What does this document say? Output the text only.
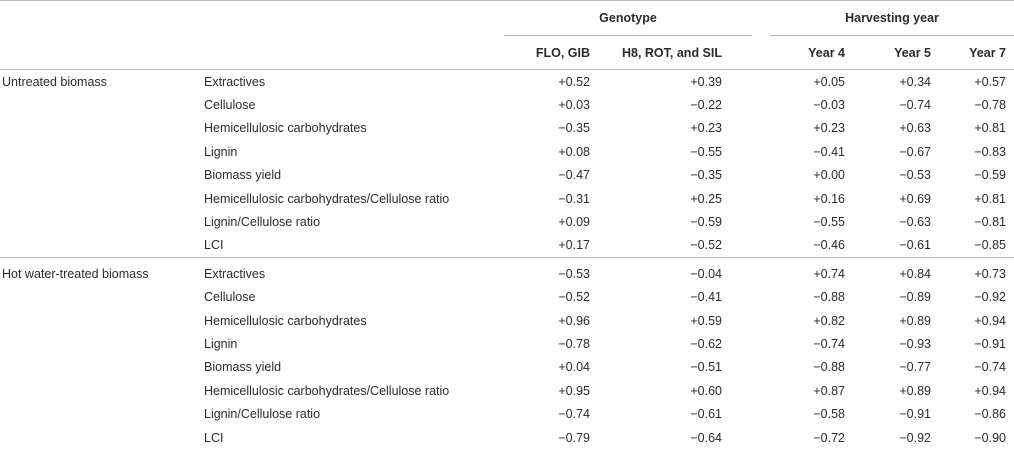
		Genotype			Harvesting year		
		FLO, GIB	H8, ROT, and SIL		Year 4	Year 5	Year 7

Untreated biomass	Extractives	+0.52	+0.39		+0.05	+0.34	+0.57
	Cellulose	+0.03	−0.22		−0.03	−0.74	−0.78
	Hemicellulosic carbohydrates	−0.35	+0.23		+0.23	+0.63	+0.81
	Lignin	+0.08	−0.55		−0.41	−0.67	−0.83
	Biomass yield	−0.47	−0.35		+0.00	−0.53	−0.59
	Hemicellulosic carbohydrates/Cellulose ratio	−0.31	+0.25		+0.16	+0.69	+0.81
	Lignin/Cellulose ratio	+0.09	−0.59		−0.55	−0.63	−0.81
	LCI	+0.17	−0.52		−0.46	−0.61	−0.85

Hot water-treated biomass	Extractives	−0.53	−0.04		+0.74	+0.84	+0.73
	Cellulose	−0.52	−0.41		−0.88	−0.89	−0.92
	Hemicellulosic carbohydrates	+0.96	+0.59		+0.82	+0.89	+0.94
	Lignin	−0.78	−0.62		−0.74	−0.93	−0.91
	Biomass yield	+0.04	−0.51		−0.88	−0.77	−0.74
	Hemicellulosic carbohydrates/Cellulose ratio	+0.95	+0.60		+0.87	+0.89	+0.94
	Lignin/Cellulose ratio	−0.74	−0.61		−0.58	−0.91	−0.86
	LCI	−0.79	−0.64		−0.72	−0.92	−0.90
